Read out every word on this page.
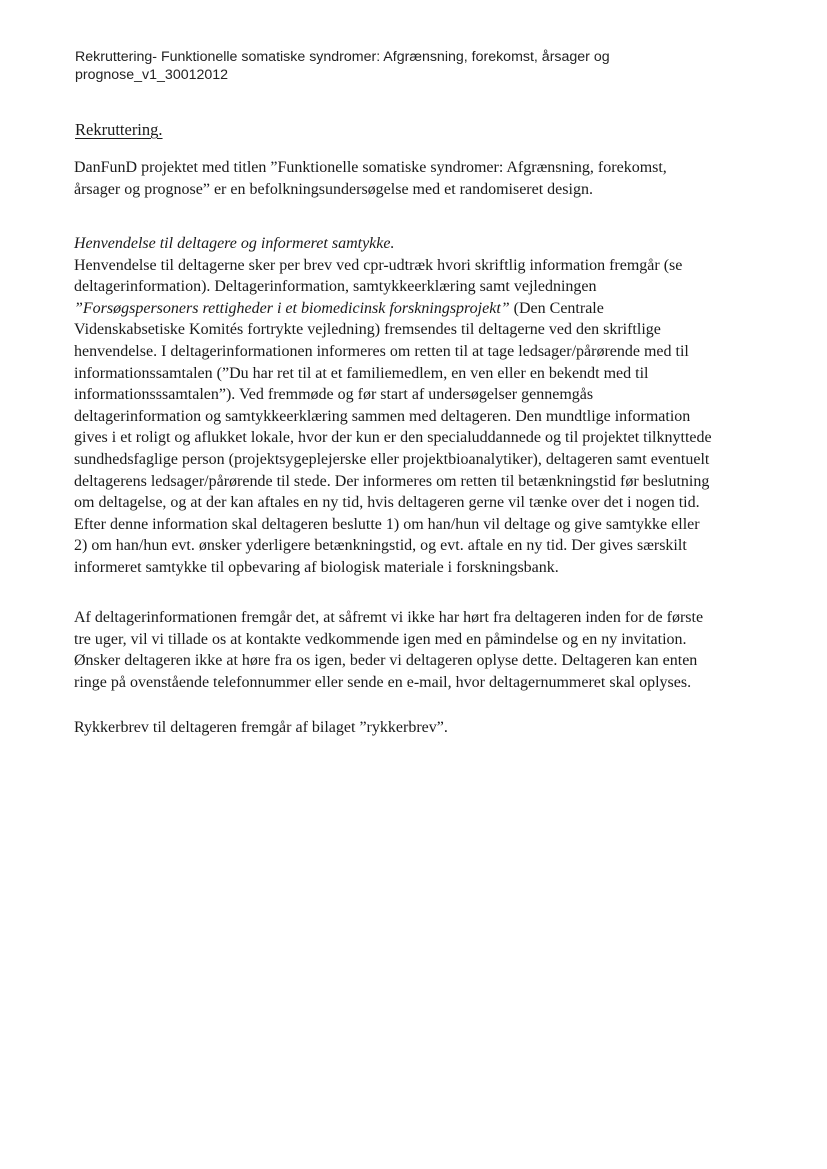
Rekruttering- Funktionelle somatiske syndromer: Afgrænsning, forekomst, årsager og

prognose_v1_30012012

Rekruttering.

DanFunD projektet med titlen ”Funktionelle somatiske syndromer: Afgrænsning, forekomst,

årsager og prognose” er en befolkningsundersøgelse med et randomiseret design.

Henvendelse til deltagere og informeret samtykke.

Henvendelse til deltagerne sker per brev ved cpr-udtræk hvori skriftlig information fremgår (se

deltagerinformation). Deltagerinformation, samtykkeerklæring samt vejledningen

”Forsøgspersoners rettigheder i et biomedicinsk forskningsprojekt” (Den Centrale

Videnskabsetiske Komités fortrykte vejledning) fremsendes til deltagerne ved den skriftlige

henvendelse. I deltagerinformationen informeres om retten til at tage ledsager/pårørende med til

informationssamtalen (”Du har ret til at et familiemedlem, en ven eller en bekendt med til

informationsssamtalen”). Ved fremmøde og før start af undersøgelser gennemgås

deltagerinformation og samtykkeerklæring sammen med deltageren. Den mundtlige information

gives i et roligt og aflukket lokale, hvor der kun er den specialuddannede og til projektet tilknyttede

sundhedsfaglige person (projektsygeplejerske eller projektbioanalytiker), deltageren samt eventuelt

deltagerens ledsager/pårørende til stede. Der informeres om retten til betænkningstid før beslutning

om deltagelse, og at der kan aftales en ny tid, hvis deltageren gerne vil tænke over det i nogen tid.

Efter denne information skal deltageren beslutte 1) om han/hun vil deltage og give samtykke eller

2) om han/hun evt. ønsker yderligere betænkningstid, og evt. aftale en ny tid. Der gives særskilt

informeret samtykke til opbevaring af biologisk materiale i forskningsbank.

Af deltagerinformationen fremgår det, at såfremt vi ikke har hørt fra deltageren inden for de første

tre uger, vil vi tillade os at kontakte vedkommende igen med en påmindelse og en ny invitation.

Ønsker deltageren ikke at høre fra os igen, beder vi deltageren oplyse dette. Deltageren kan enten

ringe på ovenstående telefonnummer eller sende en e-mail, hvor deltagernummeret skal oplyses.

Rykkerbrev til deltageren fremgår af bilaget ”rykkerbrev”.
